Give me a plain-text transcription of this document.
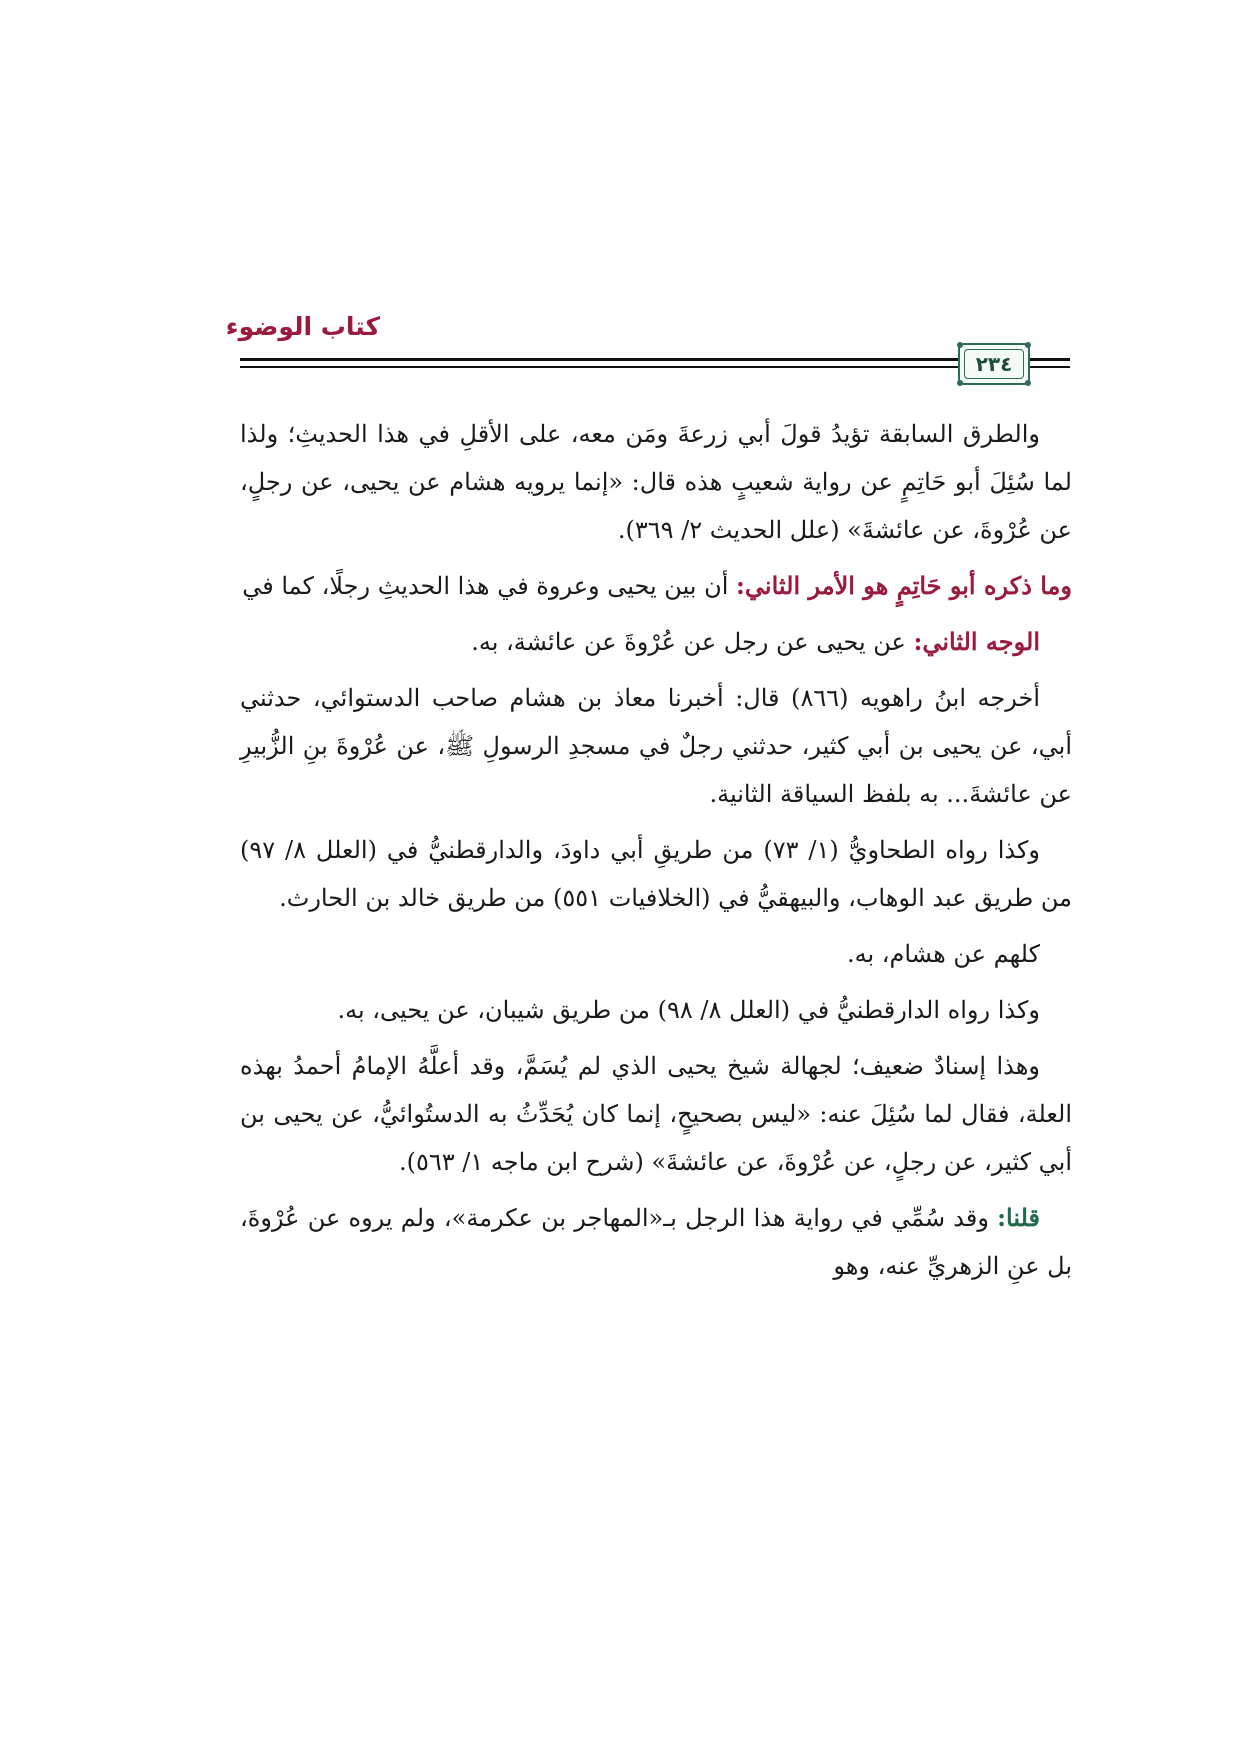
كتاب الوضوء
٢٣٤

والطرق السابقة تؤيدُ قولَ أبي زرعةَ ومَن معه، على الأقلِ في هذا الحديثِ؛ ولذا لما سُئِلَ أبو حَاتِمٍ عن رواية شعيبٍ هذه قال: «إنما يرويه هشام عن يحيى، عن رجلٍ، عن عُرْوةَ، عن عائشةَ» (علل الحديث ٢/ ٣٦٩).

وما ذكره أبو حَاتِمٍ هو الأمر الثاني: أن بين يحيى وعروة في هذا الحديثِ رجلًا، كما في

الوجه الثاني: عن يحيى عن رجل عن عُرْوةَ عن عائشة، به.

أخرجه ابنُ راهويه (٨٦٦) قال: أخبرنا معاذ بن هشام صاحب الدستوائي، حدثني أبي، عن يحيى بن أبي كثير، حدثني رجلٌ في مسجدِ الرسولِ ﷺ، عن عُرْوةَ بنِ الزُّبيرِ عن عائشةَ... به بلفظ السياقة الثانية.

وكذا رواه الطحاويُّ (١/ ٧٣) من طريقِ أبي داودَ، والدارقطنيُّ في (العلل ٨/ ٩٧) من طريق عبد الوهاب، والبيهقيُّ في (الخلافيات ٥٥١) من طريق خالد بن الحارث.

كلهم عن هشام، به.

وكذا رواه الدارقطنيُّ في (العلل ٨/ ٩٨) من طريق شيبان، عن يحيى، به.

وهذا إسنادٌ ضعيف؛ لجهالة شيخ يحيى الذي لم يُسَمَّ، وقد أعلَّهُ الإمامُ أحمدُ بهذه العلة، فقال لما سُئِلَ عنه: «ليس بصحيحٍ، إنما كان يُحَدِّثُ به الدستُوائيُّ، عن يحيى بن أبي كثير، عن رجلٍ، عن عُرْوةَ، عن عائشةَ» (شرح ابن ماجه ١/ ٥٦٣).

قلنا: وقد سُمِّي في رواية هذا الرجل بـ«المهاجر بن عكرمة»، ولم يروه عن عُرْوةَ، بل عنِ الزهريِّ عنه، وهو
